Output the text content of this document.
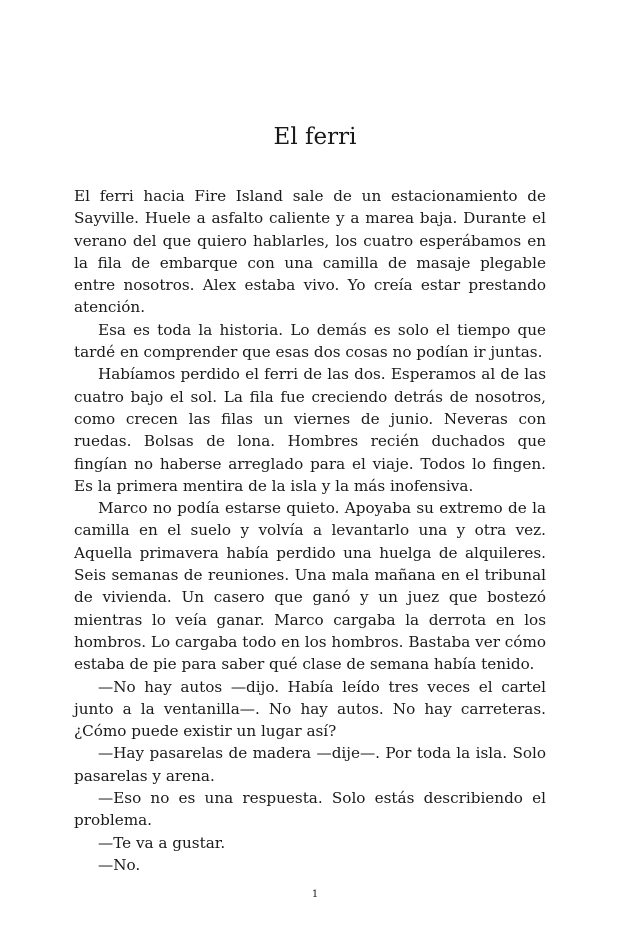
El ferri

El ferri hacia Fire Island sale de un estacionamiento de Sayville. Huele a asfalto caliente y a marea baja. Durante el verano del que quiero hablarles, los cuatro esperábamos en la fila de embarque con una camilla de masaje plegable entre nosotros. Alex estaba vivo. Yo creía estar prestando atención.

Esa es toda la historia. Lo demás es solo el tiempo que tardé en comprender que esas dos cosas no podían ir juntas.

Habíamos perdido el ferri de las dos. Esperamos al de las cuatro bajo el sol. La fila fue creciendo detrás de nosotros, como crecen las filas un viernes de junio. Neveras con ruedas. Bolsas de lona. Hombres recién duchados que fingían no haberse arreglado para el viaje. Todos lo fingen. Es la primera mentira de la isla y la más inofensiva.

Marco no podía estarse quieto. Apoyaba su extremo de la camilla en el suelo y volvía a levantarlo una y otra vez. Aquella primavera había perdido una huelga de alquileres. Seis semanas de reuniones. Una mala mañana en el tribunal de vivienda. Un casero que ganó y un juez que bostezó mientras lo veía ganar. Marco cargaba la derrota en los hombros. Lo cargaba todo en los hombros. Bastaba ver cómo estaba de pie para saber qué clase de semana había tenido.

—No hay autos —dijo. Había leído tres veces el cartel junto a la ventanilla—. No hay autos. No hay carreteras. ¿Cómo puede existir un lugar así?

—Hay pasarelas de madera —dije—. Por toda la isla. Solo pasarelas y arena.

—Eso no es una respuesta. Solo estás describiendo el problema.

—Te va a gustar.

—No.

1
